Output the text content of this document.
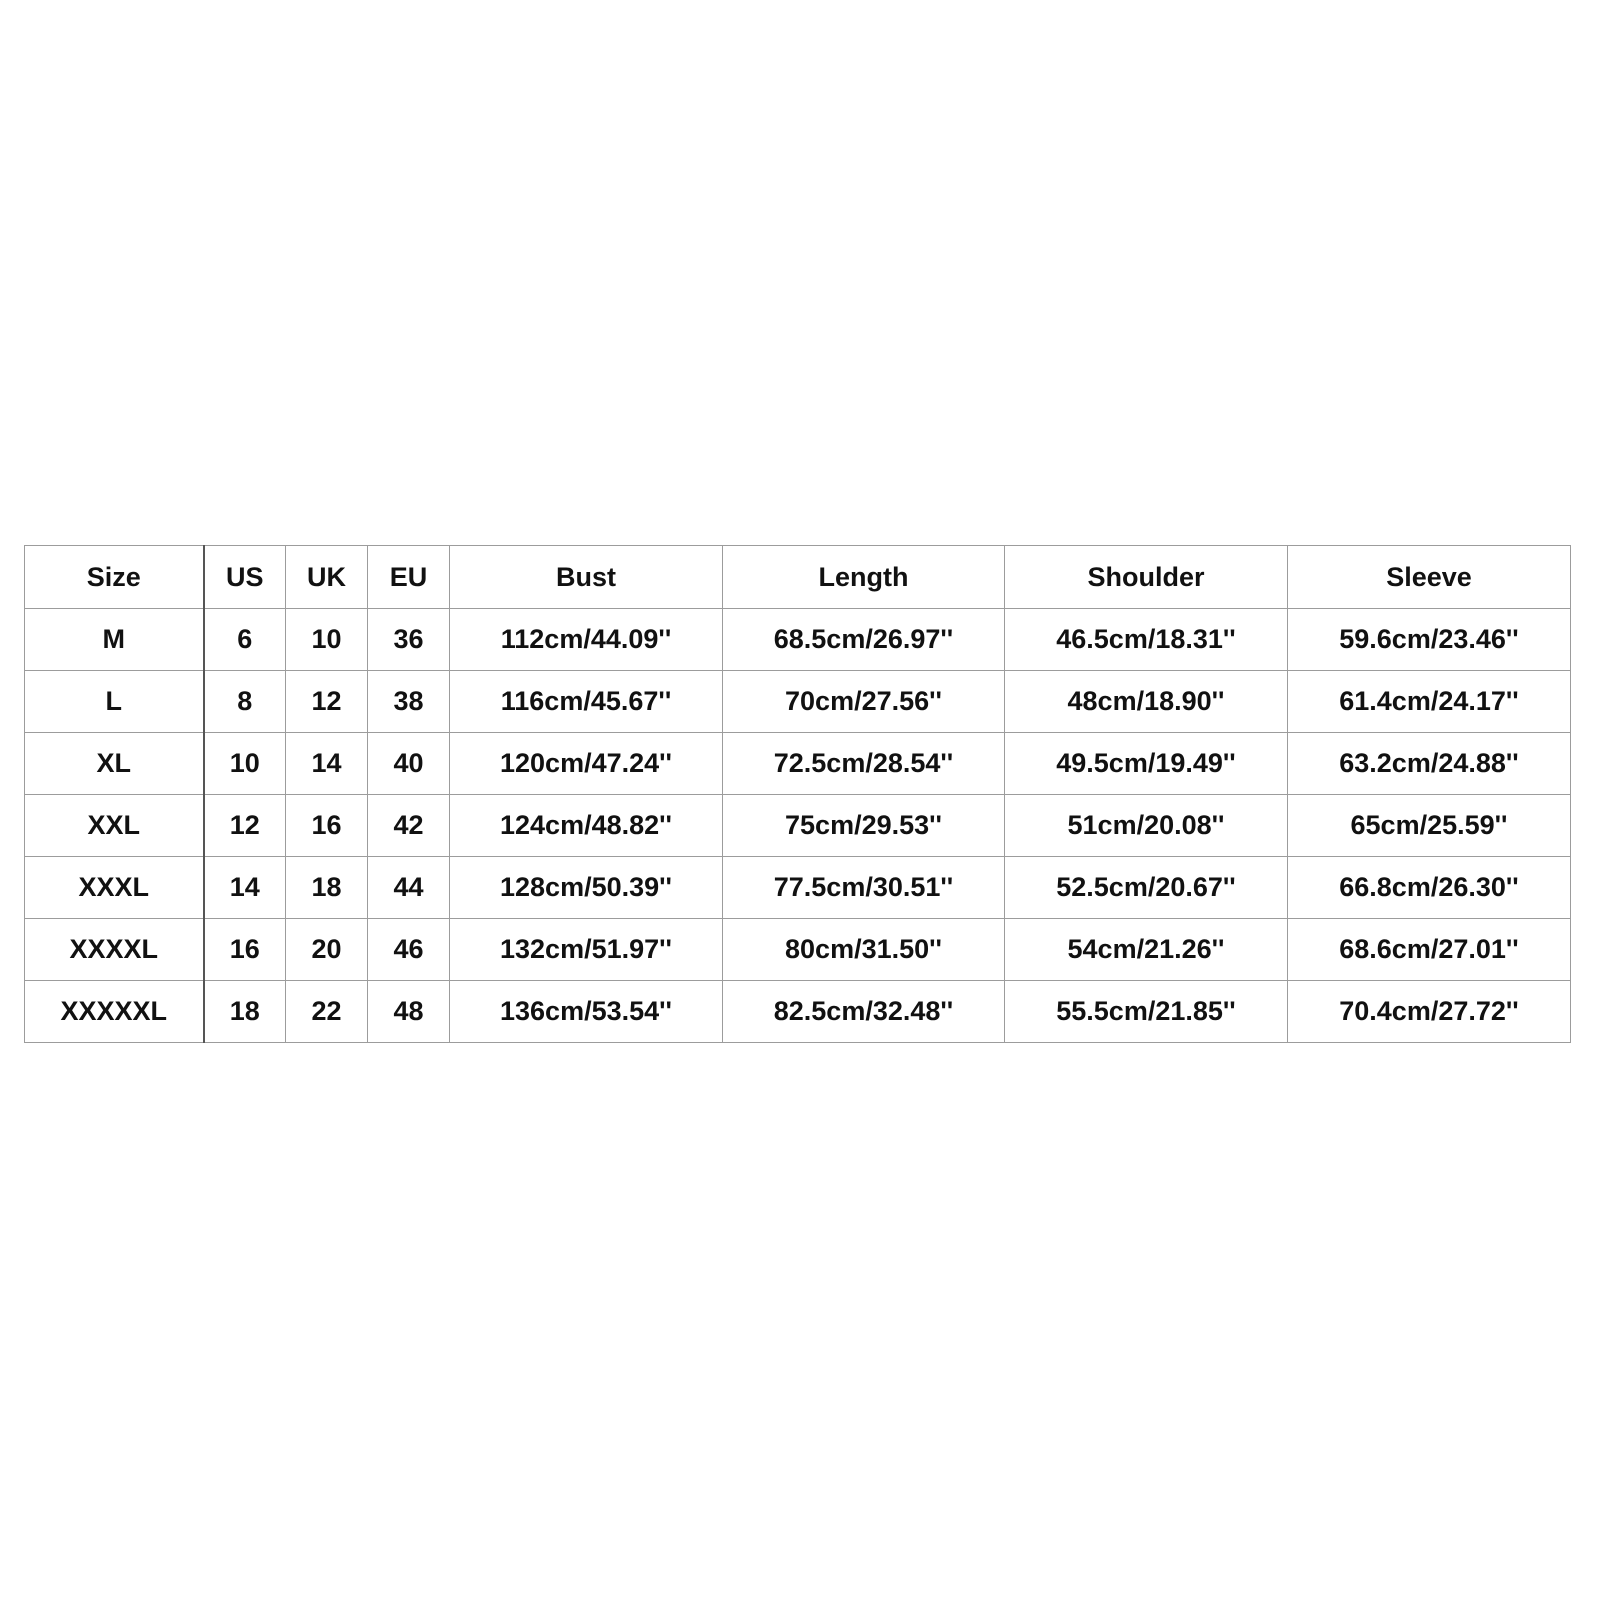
Size	US	UK	EU	Bust	Length	Shoulder	Sleeve
M	6	10	36	112cm/44.09''	68.5cm/26.97''	46.5cm/18.31''	59.6cm/23.46''
L	8	12	38	116cm/45.67''	70cm/27.56''	48cm/18.90''	61.4cm/24.17''
XL	10	14	40	120cm/47.24''	72.5cm/28.54''	49.5cm/19.49''	63.2cm/24.88''
XXL	12	16	42	124cm/48.82''	75cm/29.53''	51cm/20.08''	65cm/25.59''
XXXL	14	18	44	128cm/50.39''	77.5cm/30.51''	52.5cm/20.67''	66.8cm/26.30''
XXXXL	16	20	46	132cm/51.97''	80cm/31.50''	54cm/21.26''	68.6cm/27.01''
XXXXXL	18	22	48	136cm/53.54''	82.5cm/32.48''	55.5cm/21.85''	70.4cm/27.72''
